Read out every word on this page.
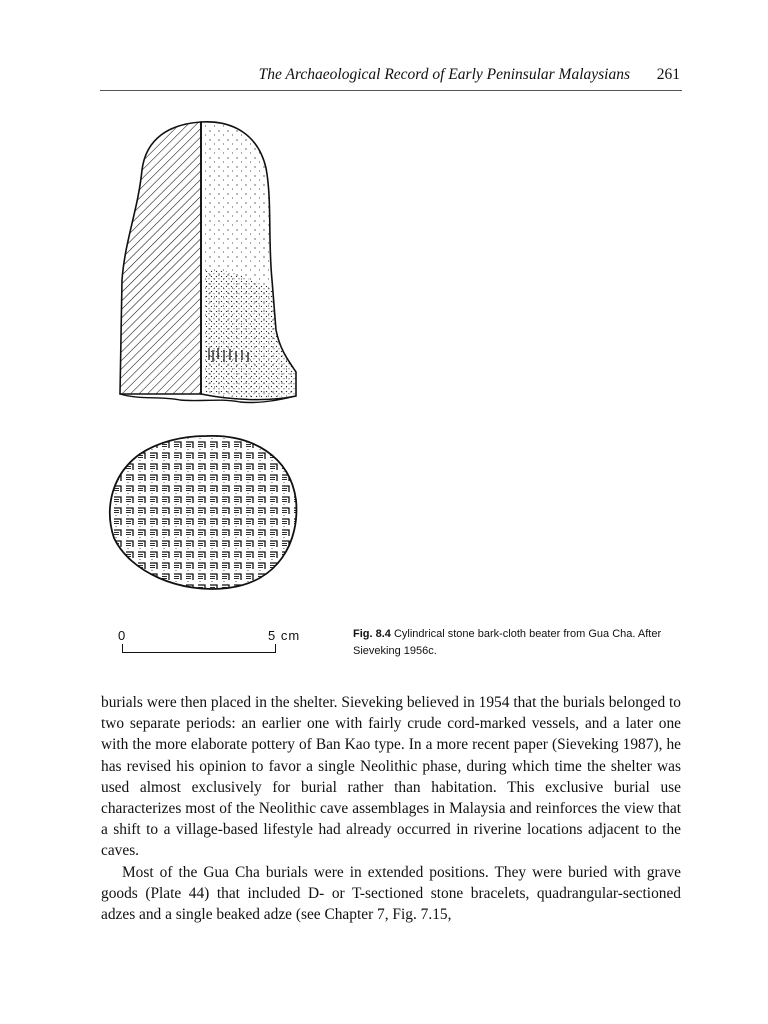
The Archaeological Record of Early Peninsular Malaysians 261
0	5 cm	Fig. 8.4 Cylindrical stone bark-cloth beater from Gua Cha. After Sieveking 1956c.

burials were then placed in the shelter. Sieveking believed in 1954 that the burials belonged to two separate periods: an earlier one with fairly crude cord-marked vessels, and a later one with the more elaborate pottery of Ban Kao type. In a more recent paper (Sieveking 1987), he has revised his opinion to favor a single Neolithic phase, during which time the shelter was used almost exclusively for burial rather than habitation. This exclusive burial use characterizes most of the Neolithic cave assemblages in Malaysia and reinforces the view that a shift to a village-based lifestyle had already occurred in riverine locations adjacent to the caves.

Most of the Gua Cha burials were in extended positions. They were buried with grave goods (Plate 44) that included D- or T-sectioned stone bracelets, quadrangular-sectioned adzes and a single beaked adze (see Chapter 7, Fig. 7.15,
